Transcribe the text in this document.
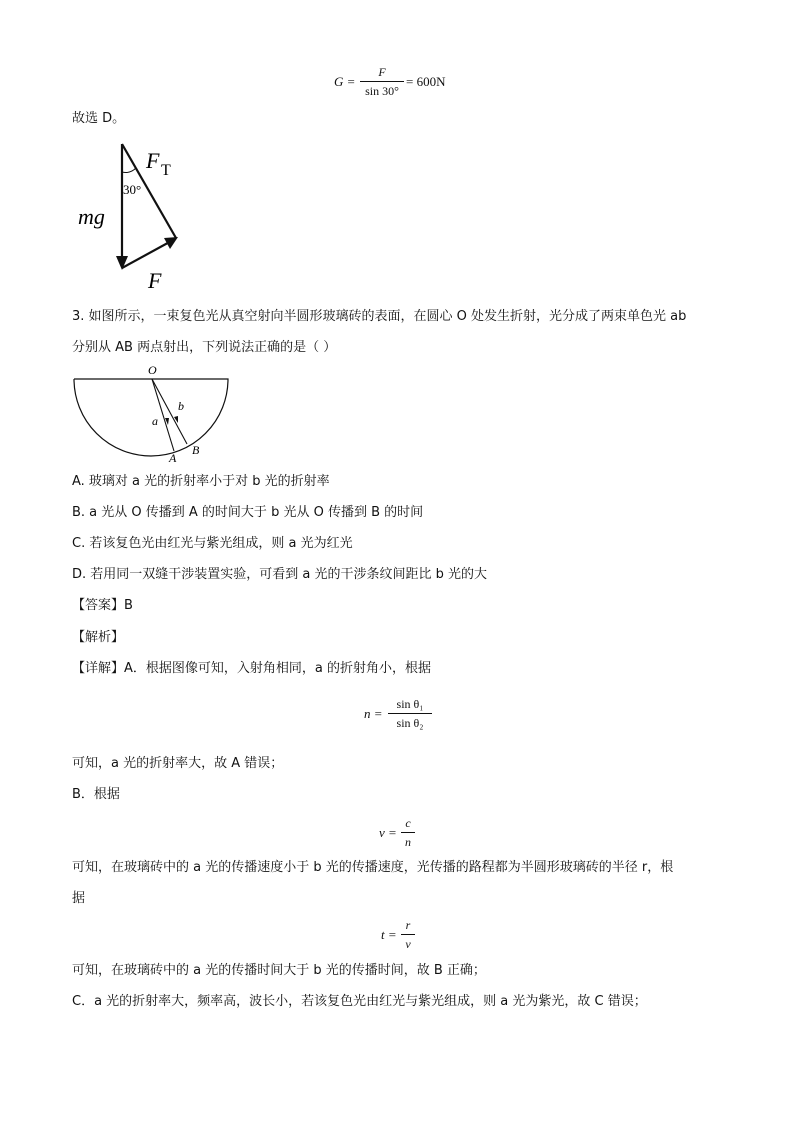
G =
F
sin 30°
= 600N
故选 D。
F T
30°
mg
F
3. 如图所示，一束复色光从真空射向半圆形玻璃砖的表面，在圆心 O 处发生折射，光分成了两束单色光 ab
分别从 AB 两点射出，下列说法正确的是（ ）
O
a
b
A
B
A. 玻璃对 a 光的折射率小于对 b 光的折射率
B. a 光从 O 传播到 A 的时间大于 b 光从 O 传播到 B 的时间
C. 若该复色光由红光与紫光组成，则 a 光为红光
D. 若用同一双缝干涉装置实验，可看到 a 光的干涉条纹间距比 b 光的大
【答案】B
【解析】
【详解】A．根据图像可知，入射角相同，a 的折射角小，根据
n =
sin θ₁
sin θ₂
可知，a 光的折射率大，故 A 错误；
B．根据
v =
c
n
可知，在玻璃砖中的 a 光的传播速度小于 b 光的传播速度，光传播的路程都为半圆形玻璃砖的半径 r，根
据
t =
r
v
可知，在玻璃砖中的 a 光的传播时间大于 b 光的传播时间，故 B 正确；
C．a 光的折射率大，频率高，波长小，若该复色光由红光与紫光组成，则 a 光为紫光，故 C 错误；
